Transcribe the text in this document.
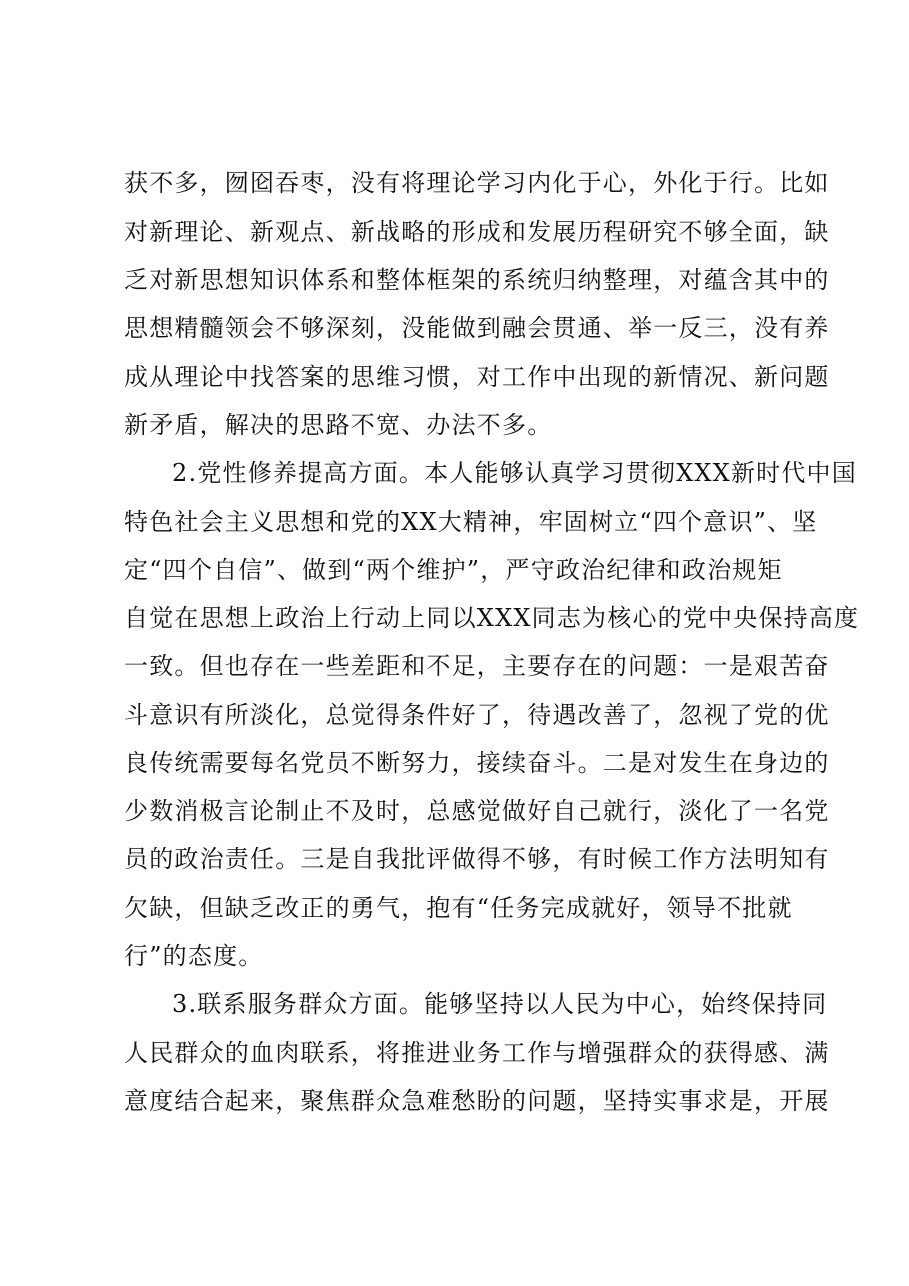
获不多，囫囵吞枣，没有将理论学习内化于心，外化于行。比如
对新理论、新观点、新战略的形成和发展历程研究不够全面，缺
乏对新思想知识体系和整体框架的系统归纳整理，对蕴含其中的
思想精髓领会不够深刻，没能做到融会贯通、举一反三，没有养
成从理论中找答案的思维习惯，对工作中出现的新情况、新问题
新矛盾，解决的思路不宽、办法不多。
2.党性修养提高方面。本人能够认真学习贯彻XXX新时代中国
特色社会主义思想和党的XX大精神，牢固树立“四个意识”、坚
定“四个自信”、做到“两个维护”，严守政治纪律和政治规矩
自觉在思想上政治上行动上同以XXX同志为核心的党中央保持高度
一致。但也存在一些差距和不足，主要存在的问题：一是艰苦奋
斗意识有所淡化，总觉得条件好了，待遇改善了，忽视了党的优
良传统需要每名党员不断努力，接续奋斗。二是对发生在身边的
少数消极言论制止不及时，总感觉做好自己就行，淡化了一名党
员的政治责任。三是自我批评做得不够，有时候工作方法明知有
欠缺，但缺乏改正的勇气，抱有“任务完成就好，领导不批就
行”的态度。
3.联系服务群众方面。能够坚持以人民为中心，始终保持同
人民群众的血肉联系，将推进业务工作与增强群众的获得感、满
意度结合起来，聚焦群众急难愁盼的问题，坚持实事求是，开展
